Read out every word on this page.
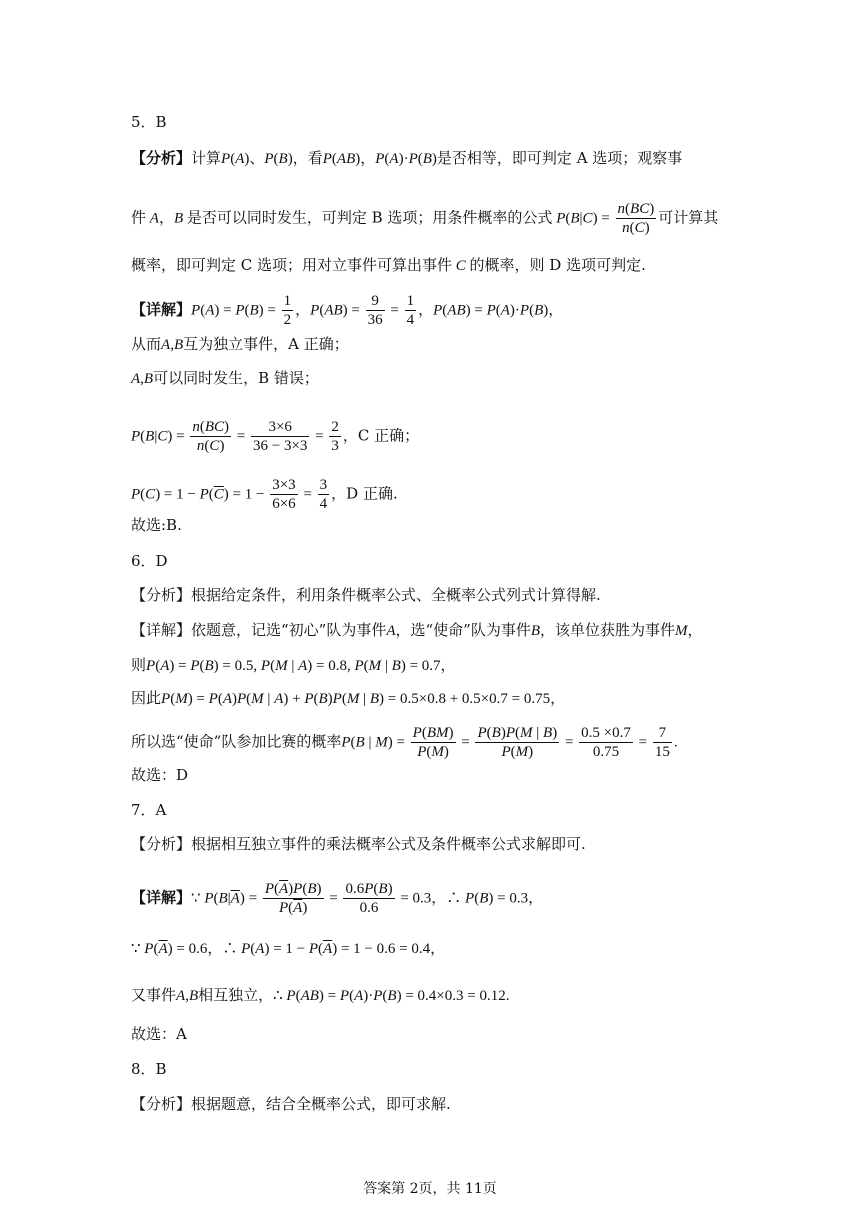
5．B
【分析】计算P(A)、P(B)，看P(AB)，P(A)·P(B)是否相等，即可判定 A 选项；观察事
件 A，B 是否可以同时发生，可判定 B 选项；用条件概率的公式 $P(B|C) = \frac{n(BC)}{n(C)}$ 可计算其
概率，即可判定 C 选项；用对立事件可算出事件 C 的概率，则 D 选项可判定.
【详解】$P(A) = P(B) = \frac{1}{2}$ ，$P(AB) = \frac{9}{36} = \frac{1}{4}$ ，P(AB) = P(A)·P(B)，
从而A,B互为独立事件，A 正确；
A,B可以同时发生，B 错误；
$P(B|C) = \frac{n(BC)}{n(C)} = \frac{3\times 6}{36 - 3\times 3} = \frac{2}{3}$ ，C 正确；
$P(C) = 1 - P(\overline{C}) = 1 - \frac{3\times 3}{6\times 6} = \frac{3}{4}$ ，D 正确.
故选:B.
6．D
【分析】根据给定条件，利用条件概率公式、全概率公式列式计算得解.
【详解】依题意，记选“初心”队为事件A，选“使命”队为事件B，该单位获胜为事件M，
则P(A) = P(B) = 0.5, P(M | A) = 0.8, P(M | B) = 0.7，
因此P(M) = P(A)P(M | A) + P(B)P(M | B) = 0.5×0.8 + 0.5×0.7 = 0.75，
所以选“使命”队参加比赛的概率P(B | $M) = \frac{P(BM)}{P(M)} = \frac{P(B)P(M | B)}{P(M)} = \frac{0.5 \times 0.7}{0.75} = \frac{7}{15}$ .
故选：D
7．A
【分析】根据相互独立事件的乘法概率公式及条件概率公式求解即可.
【详解】∵ $P(B|\overline{A}) = \frac{P(\overline{A})P(B)}{P(\overline{A})} = \frac{0.6P(B)}{0.6} = 0.3$，∴ P(B) = 0.3，
∵ $P(\overline{A}) = 0.6$，∴ $P(A) = 1 - P(\overline{A}) = 1 - 0.6 = 0.4$，
又事件A,B相互独立，∴ P(AB) = P(A)·P(B) = 0.4×0.3 = 0.12.
故选：A
8．B
【分析】根据题意，结合全概率公式，即可求解.
答案第 2页，共 11页
